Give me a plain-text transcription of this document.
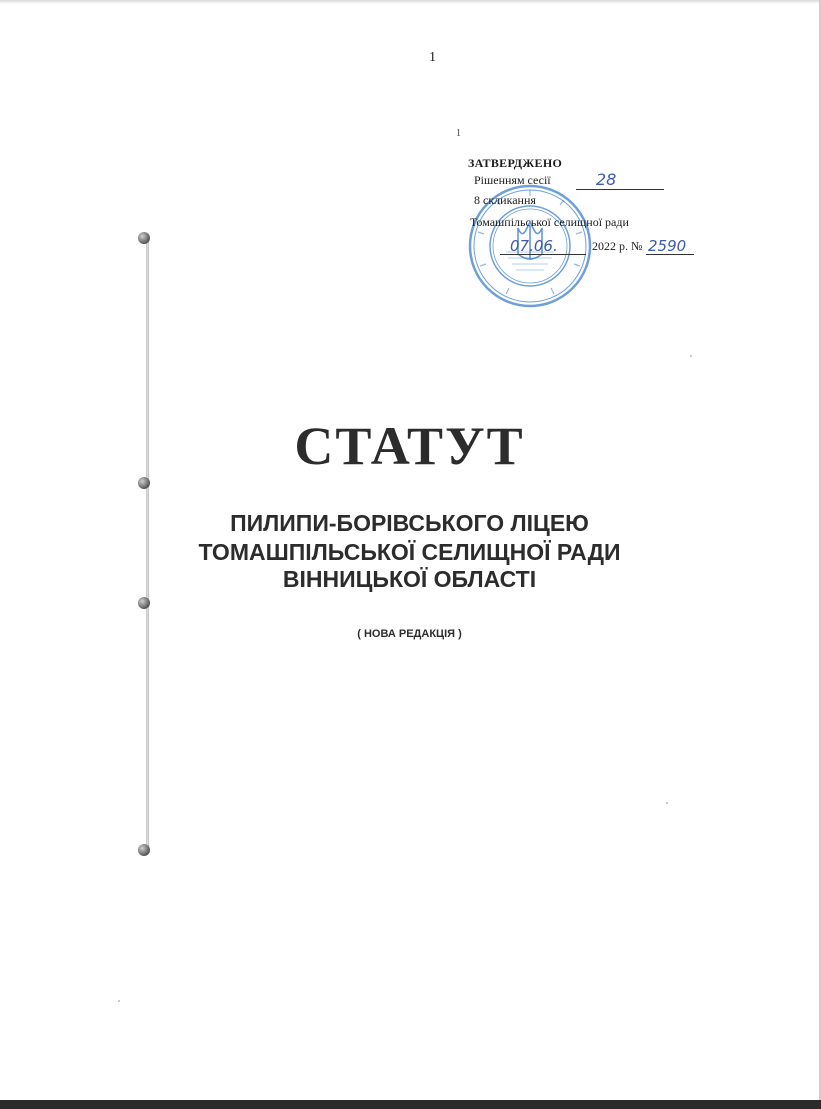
1
1
ЗАТВЕРДЖЕНО
Рішенням сесії	28
8 скликання
Томашпільської селищної ради
07.06.	2022 р. № 2590
СТАТУТ
ПИЛИПИ-БОРІВСЬКОГО ЛІЦЕЮ
ТОМАШПІЛЬСЬКОЇ СЕЛИЩНОЇ РАДИ
ВІННИЦЬКОЇ ОБЛАСТІ
( НОВА РЕДАКЦІЯ )
